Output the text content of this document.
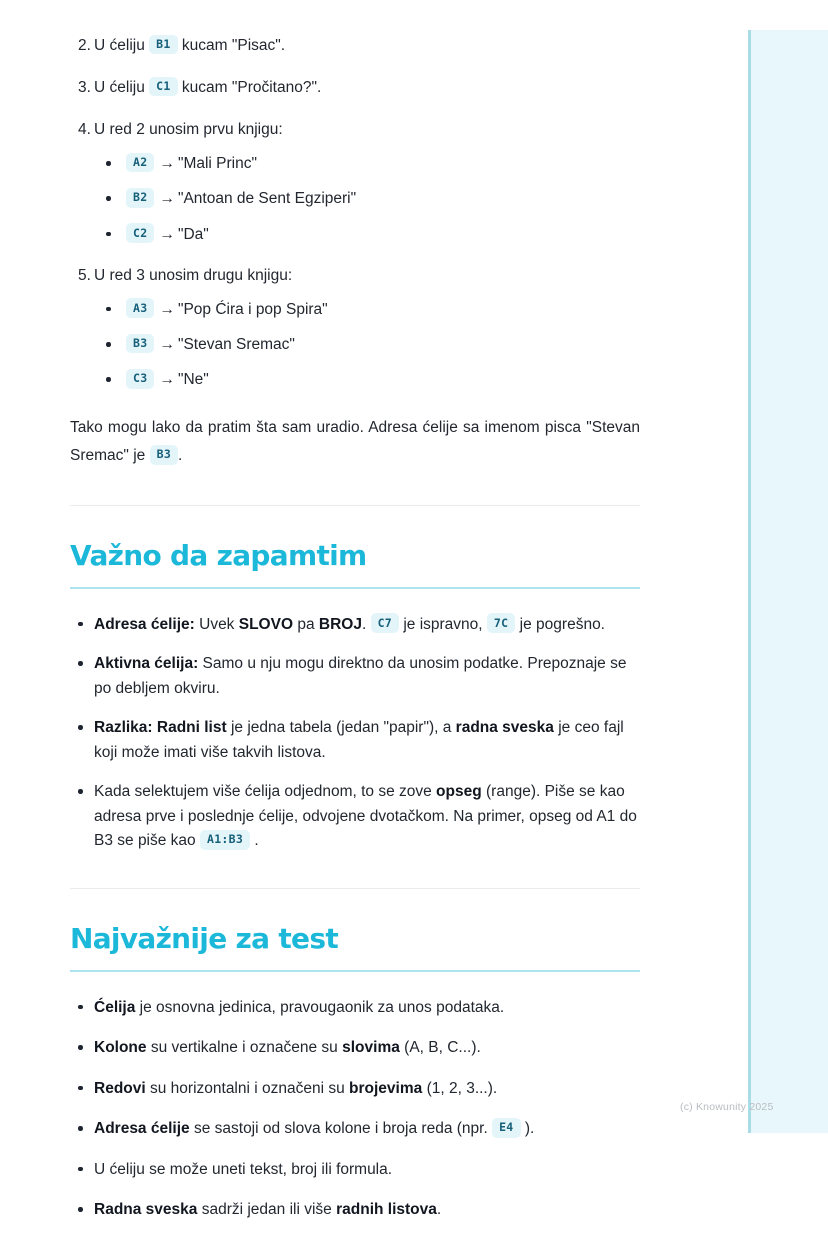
2. U ćeliju B1 kucam "Pisac".
3. U ćeliju C1 kucam "Pročitano?".
4. U red 2 unosim prvu knjigu:
A2 → "Mali Princ"
B2 → "Antoan de Sent Egziperi"
C2 → "Da"
5. U red 3 unosim drugu knjigu:
A3 → "Pop Ćira i pop Spira"
B3 → "Stevan Sremac"
C3 → "Ne"

Tako mogu lako da pratim šta sam uradio. Adresa ćelije sa imenom pisca "Stevan Sremac" je B3 .

Važno da zapamtim
Adresa ćelije: Uvek SLOVO pa BROJ. C7 je ispravno, 7C je pogrešno.
Aktivna ćelija: Samo u nju mogu direktno da unosim podatke. Prepoznaje se po debljem okviru.
Razlika: Radni list je jedna tabela (jedan "papir"), a radna sveska je ceo fajl koji može imati više takvih listova.
Kada selektujem više ćelija odjednom, to se zove opseg (range). Piše se kao adresa prve i poslednje ćelije, odvojene dvotačkom. Na primer, opseg od A1 do B3 se piše kao A1:B3 .
Najvažnije za test
Ćelija je osnovna jedinica, pravougaonik za unos podataka.
Kolone su vertikalne i označene su slovima (A, B, C...).
Redovi su horizontalni i označeni su brojevima (1, 2, 3...).
Adresa ćelije se sastoji od slova kolone i broja reda (npr. E4 ).
U ćeliju se može uneti tekst, broj ili formula.
Radna sveska sadrži jedan ili više radnih listova.
(c) Knowunity 2025
